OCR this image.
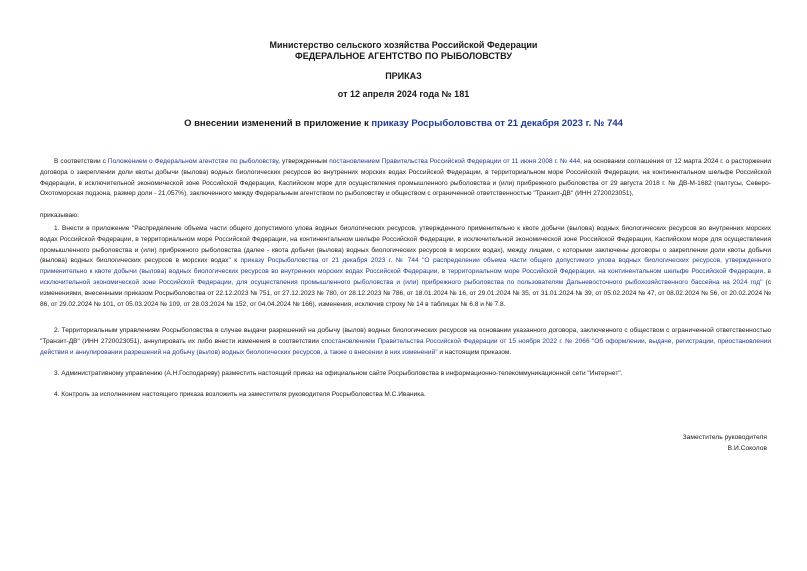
Министерство сельского хозяйства Российской Федерации
ФЕДЕРАЛЬНОЕ АГЕНТСТВО ПО РЫБОЛОВСТВУ
ПРИКАЗ
от 12 апреля 2024 года № 181
О внесении изменений в приложение к приказу Росрыболовства от 21 декабря 2023 г. № 744

В соответствии с Положением о Федеральном агентстве по рыболовству, утвержденным постановлением Правительства Российской Федерации от 11 июня 2008 г. № 444, на основании соглашения от 12 марта 2024 г. о расторжении договора о закреплении доли квоты добычи (вылова) водных биологических ресурсов во внутренних морских водах Российской Федерации, в территориальном море Российской Федерации, на континентальном шельфе Российской Федерации, в исключительной экономической зоне Российской Федерации, Каспийском море для осуществления промышленного рыболовства и (или) прибрежного рыболовства от 29 августа 2018 г. № ДВ-М-1682 (палтусы, Северо-Охотоморская подзона, размер доли - 21,057%), заключенного между Федеральным агентством по рыболовству и обществом с ограниченной ответственностью "Транзит-ДВ" (ИНН 2720023051),

приказываю:

1. Внести в приложение "Распределение объема части общего допустимого улова водных биологических ресурсов, утвержденного применительно к квоте добычи (вылова) водных биологических ресурсов во внутренних морских водах Российской Федерации, в территориальном море Российской Федерации, на континентальном шельфе Российской Федерации, в исключительной экономической зоне Российской Федерации, Каспийском море для осуществления промышленного рыболовства и (или) прибрежного рыболовства (далее - квота добычи (вылова) водных биологических ресурсов в морских водах), между лицами, с которыми заключены договоры о закреплении доли квоты добычи (вылова) водных биологических ресурсов в морских водах" к приказу Росрыболовства от 21 декабря 2023 г. № 744 "О распределении объема части общего допустимого улова водных биологических ресурсов, утвержденного применительно к квоте добычи (вылова) водных биологических ресурсов во внутренних морских водах Российской Федерации, в территориальном море Российской Федерации, на континентальном шельфе Российской Федерации, в исключительной экономической зоне Российской Федерации, для осуществления промышленного рыболовства и (или) прибрежного рыболовства по пользователям Дальневосточного рыбохозяйственного бассейна на 2024 год" (с изменениями, внесенными приказом Росрыболовства от 22.12.2023 № 751, от 27.12.2023 № 780, от 28.12.2023 № 786, от 18.01.2024 № 16, от 29.01.2024 № 35, от 31.01.2024 № 39, от 05.02.2024 № 47, от 08.02.2024 № 56, от 20.02.2024 № 86, от 29.02.2024 № 101, от 05.03.2024 № 109, от 28.03.2024 № 152, от 04.04.2024 № 166), изменения, исключив строку № 14 в таблицах № 6.8 и № 7.8.

2. Территориальным управлениям Росрыболовства в случае выдачи разрешений на добычу (вылов) водных биологических ресурсов на основании указанного договора, заключенного с обществом с ограниченной ответственностью "Транзит-ДВ" (ИНН 2720023051), аннулировать их либо внести изменения в соответствии спостановлением Правительства Российской Федерации от 15 ноября 2022 г. № 2066 "Об оформлении, выдаче, регистрации, приостановлении действия и аннулировании разрешений на добычу (вылов) водных биологических ресурсов, а также о внесении в них изменений" и настоящим приказом.

3. Административному управлению (А.Н.Господареву) разместить настоящий приказ на официальном сайте Росрыболовства в информационно-телекоммуникационной сети "Интернет".

4. Контроль за исполнением настоящего приказа возложить на заместителя руководителя Росрыболовства М.С.Иваника.

Заместитель руководителя
В.И.Соколов
